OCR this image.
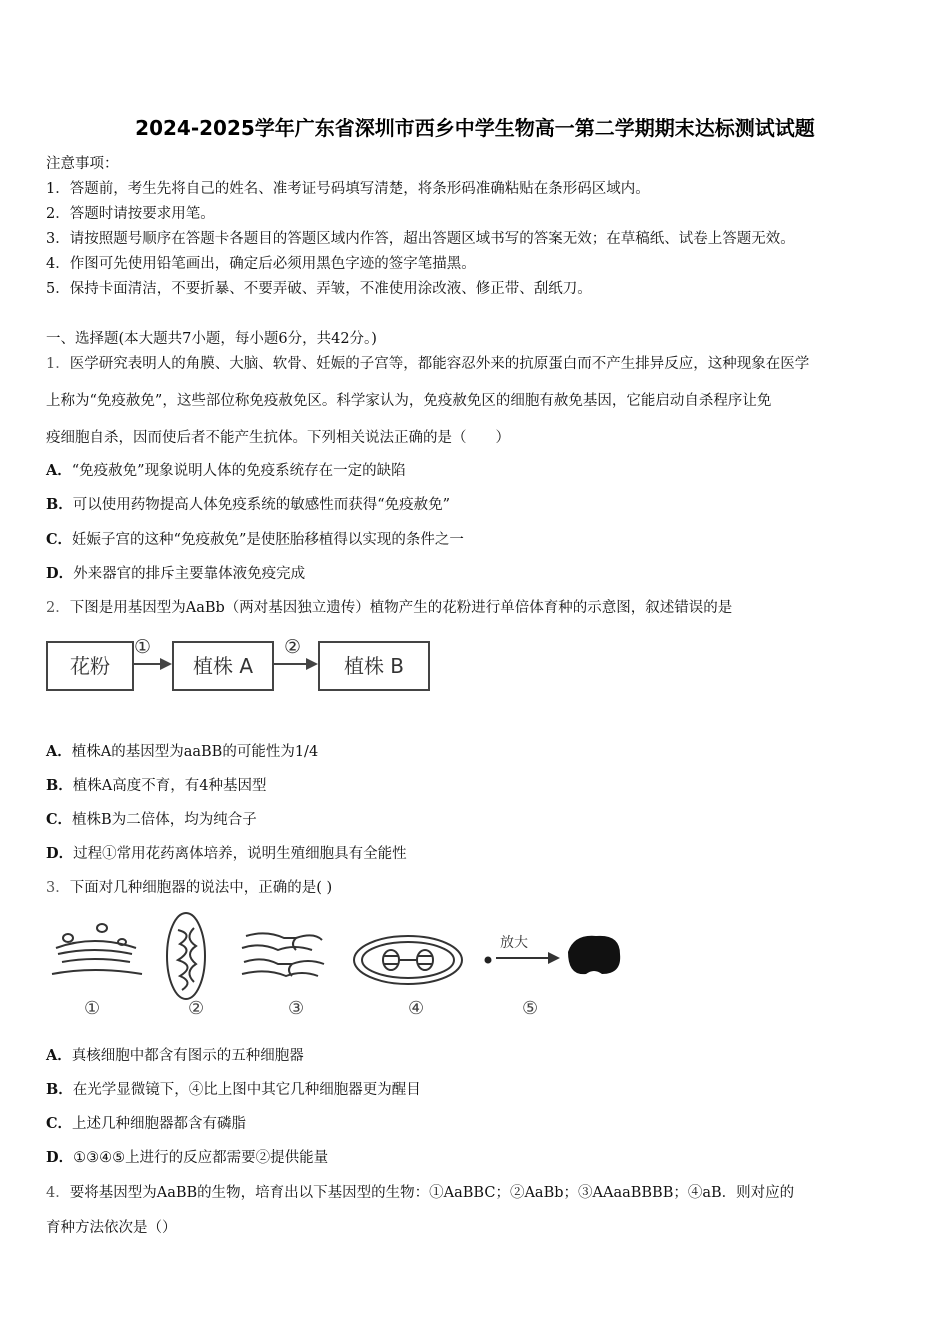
2024-2025学年广东省深圳市西乡中学生物高一第二学期期末达标测试试题
注意事项：
1．答题前，考生先将自己的姓名、准考证号码填写清楚，将条形码准确粘贴在条形码区域内。
2．答题时请按要求用笔。
3．请按照题号顺序在答题卡各题目的答题区域内作答，超出答题区域书写的答案无效；在草稿纸、试卷上答题无效。
4．作图可先使用铅笔画出，确定后必须用黑色字迹的签字笔描黑。
5．保持卡面清洁，不要折暴、不要弄破、弄皱，不准使用涂改液、修正带、刮纸刀。
一、选择题(本大题共7小题，每小题6分，共42分。)
1．医学研究表明人的角膜、大脑、软骨、妊娠的子宫等，都能容忍外来的抗原蛋白而不产生排异反应，这种现象在医学
上称为“免疫赦免”，这些部位称免疫赦免区。科学家认为，免疫赦免区的细胞有赦免基因，它能启动自杀程序让免
疫细胞自杀，因而使后者不能产生抗体。下列相关说法正确的是（　　）
A．“免疫赦免”现象说明人体的免疫系统存在一定的缺陷
B．可以使用药物提高人体免疫系统的敏感性而获得“免疫赦免”
C．妊娠子宫的这种“免疫赦免”是使胚胎移植得以实现的条件之一
D．外来器官的排斥主要靠体液免疫完成
2．下图是用基因型为AaBb（两对基因独立遗传）植物产生的花粉进行单倍体育种的示意图，叙述错误的是
花粉	植株 A	植株 B
①	②
A．植株A的基因型为aaBB的可能性为1/4
B．植株A高度不育，有4种基因型
C．植株B为二倍体，均为纯合子
D．过程①常用花药离体培养，说明生殖细胞具有全能性
3．下面对几种细胞器的说法中，正确的是( )
放大
①	②	③	④	⑤
A．真核细胞中都含有图示的五种细胞器
B．在光学显微镜下，④比上图中其它几种细胞器更为醒目
C．上述几种细胞器都含有磷脂
D．①③④⑤上进行的反应都需要②提供能量
4．要将基因型为AaBB的生物，培育出以下基因型的生物：①AaBBC；②AaBb；③AAaaBBBB；④aB．则对应的
育种方法依次是（）
